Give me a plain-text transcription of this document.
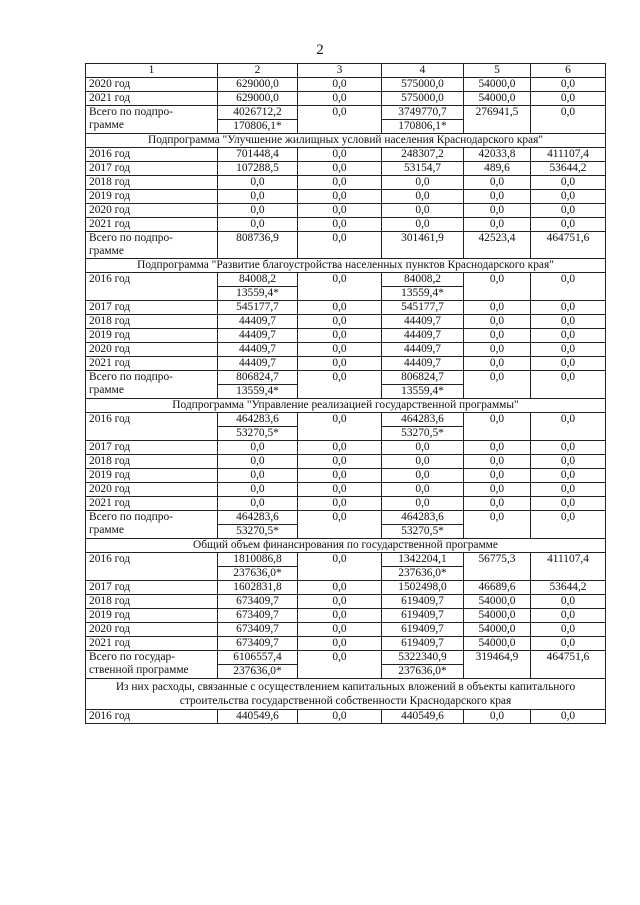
2
1	2	3	4	5	6

2020 год	629000,0	0,0	575000,0	54000,0	0,0

2021 год	629000,0	0,0	575000,0	54000,0	0,0

Всего по подпро-
грамме	4026712,2	0,0	3749770,7	276941,5	0,0
	170806,1*		170806,1*		
Подпрограмма "Улучшение жилищных условий населения Краснодарского края"					

2016 год	701448,4	0,0	248307,2	42033,8	411107,4

2017 год	107288,5	0,0	53154,7	489,6	53644,2

2018 год	0,0	0,0	0,0	0,0	0,0

2019 год	0,0	0,0	0,0	0,0	0,0

2020 год	0,0	0,0	0,0	0,0	0,0

2021 год	0,0	0,0	0,0	0,0	0,0

Всего по подпро-
грамме	808736,9	0,0	301461,9	42523,4	464751,6

Подпрограмма "Развитие благоустройства населенных пунктов Краснодарского края"					

2016 год	84008,2	0,0	84008,2	0,0	0,0
	13559,4*		13559,4*		

2017 год	545177,7	0,0	545177,7	0,0	0,0

2018 год	44409,7	0,0	44409,7	0,0	0,0

2019 год	44409,7	0,0	44409,7	0,0	0,0

2020 год	44409,7	0,0	44409,7	0,0	0,0

2021 год	44409,7	0,0	44409,7	0,0	0,0

Всего по подпро-
грамме	806824,7	0,0	806824,7	0,0	0,0
	13559,4*		13559,4*		
Подпрограмма "Управление реализацией государственной программы"					

2016 год	464283,6	0,0	464283,6	0,0	0,0
	53270,5*		53270,5*		

2017 год	0,0	0,0	0,0	0,0	0,0

2018 год	0,0	0,0	0,0	0,0	0,0

2019 год	0,0	0,0	0,0	0,0	0,0

2020 год	0,0	0,0	0,0	0,0	0,0

2021 год	0,0	0,0	0,0	0,0	0,0

Всего по подпро-
грамме	464283,6	0,0	464283,6	0,0	0,0
	53270,5*		53270,5*		
Общий объем финансирования по государственной программе					

2016 год	1810086,8	0,0	1342204,1	56775,3	411107,4
	237636,0*		237636,0*		

2017 год	1602831,8	0,0	1502498,0	46689,6	53644,2

2018 год	673409,7	0,0	619409,7	54000,0	0,0

2019 год	673409,7	0,0	619409,7	54000,0	0,0

2020 год	673409,7	0,0	619409,7	54000,0	0,0

2021 год	673409,7	0,0	619409,7	54000,0	0,0

Всего по государ-
ственной программе	6106557,4	0,0	5322340,9	319464,9	464751,6
	237636,0*		237636,0*		
Из них расходы, связанные с осуществлением капитальных вложений в объекты капитального строительства государственной собственности Краснодарского края					

2016 год	440549,6	0,0	440549,6	0,0	0,0
